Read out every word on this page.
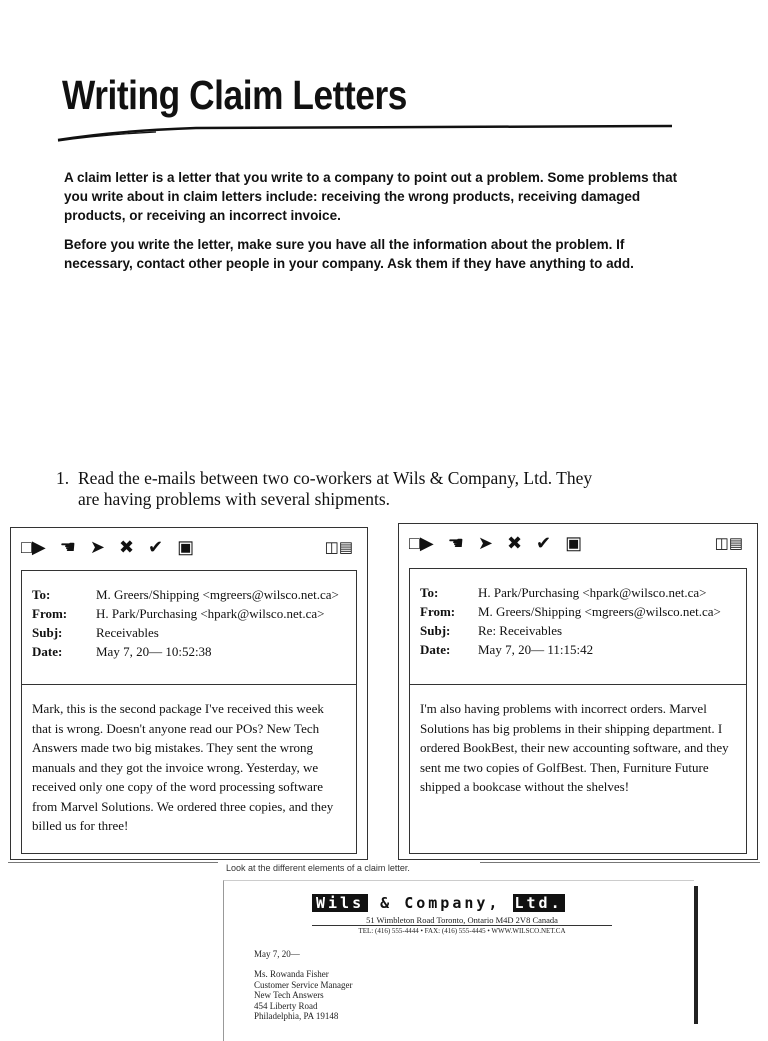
Writing Claim Letters

A claim letter is a letter that you write to a company to point out a problem. Some problems that you write about in claim letters include: receiving the wrong products, receiving damaged products, or receiving an incorrect invoice.

Before you write the letter, make sure you have all the information about the problem. If necessary, contact other people in your company. Ask them if they have anything to add.

1. Read the e-mails between two co-workers at Wils & Company, Ltd. They
are having problems with several shipments.
□▶ ☚ ➤ ✖ ✔ ▣	◫▤
To:	M. Greers/Shipping <mgreers@wilsco.net.ca>
From:	H. Park/Purchasing <hpark@wilsco.net.ca>
Subj:	Receivables
Date:	May 7, 20— 10:52:38
Mark, this is the second package I've received this week that is wrong. Doesn't anyone read our POs? New Tech Answers made two big mistakes. They sent the wrong manuals and they got the invoice wrong. Yesterday, we received only one copy of the word processing software from Marvel Solutions. We ordered three copies, and they billed us for three!
□▶ ☚ ➤ ✖ ✔ ▣	◫▤
To:	H. Park/Purchasing <hpark@wilsco.net.ca>
From:	M. Greers/Shipping <mgreers@wilsco.net.ca>
Subj:	Re: Receivables
Date:	May 7, 20— 11:15:42
I'm also having problems with incorrect orders. Marvel Solutions has big problems in their shipping department. I ordered BookBest, their new accounting software, and they sent me two copies of GolfBest. Then, Furniture Future shipped a bookcase without the shelves!

Look at the different elements of a claim letter.

Wils & Company, Ltd.
51 Wimbleton Road Toronto, Ontario M4D 2V8 Canada
TEL: (416) 555-4444 • FAX: (416) 555-4445 • WWW.WILSCO.NET.CA
May 7, 20—
Ms. Rowanda Fisher
Customer Service Manager
New Tech Answers
454 Liberty Road
Philadelphia, PA 19148
